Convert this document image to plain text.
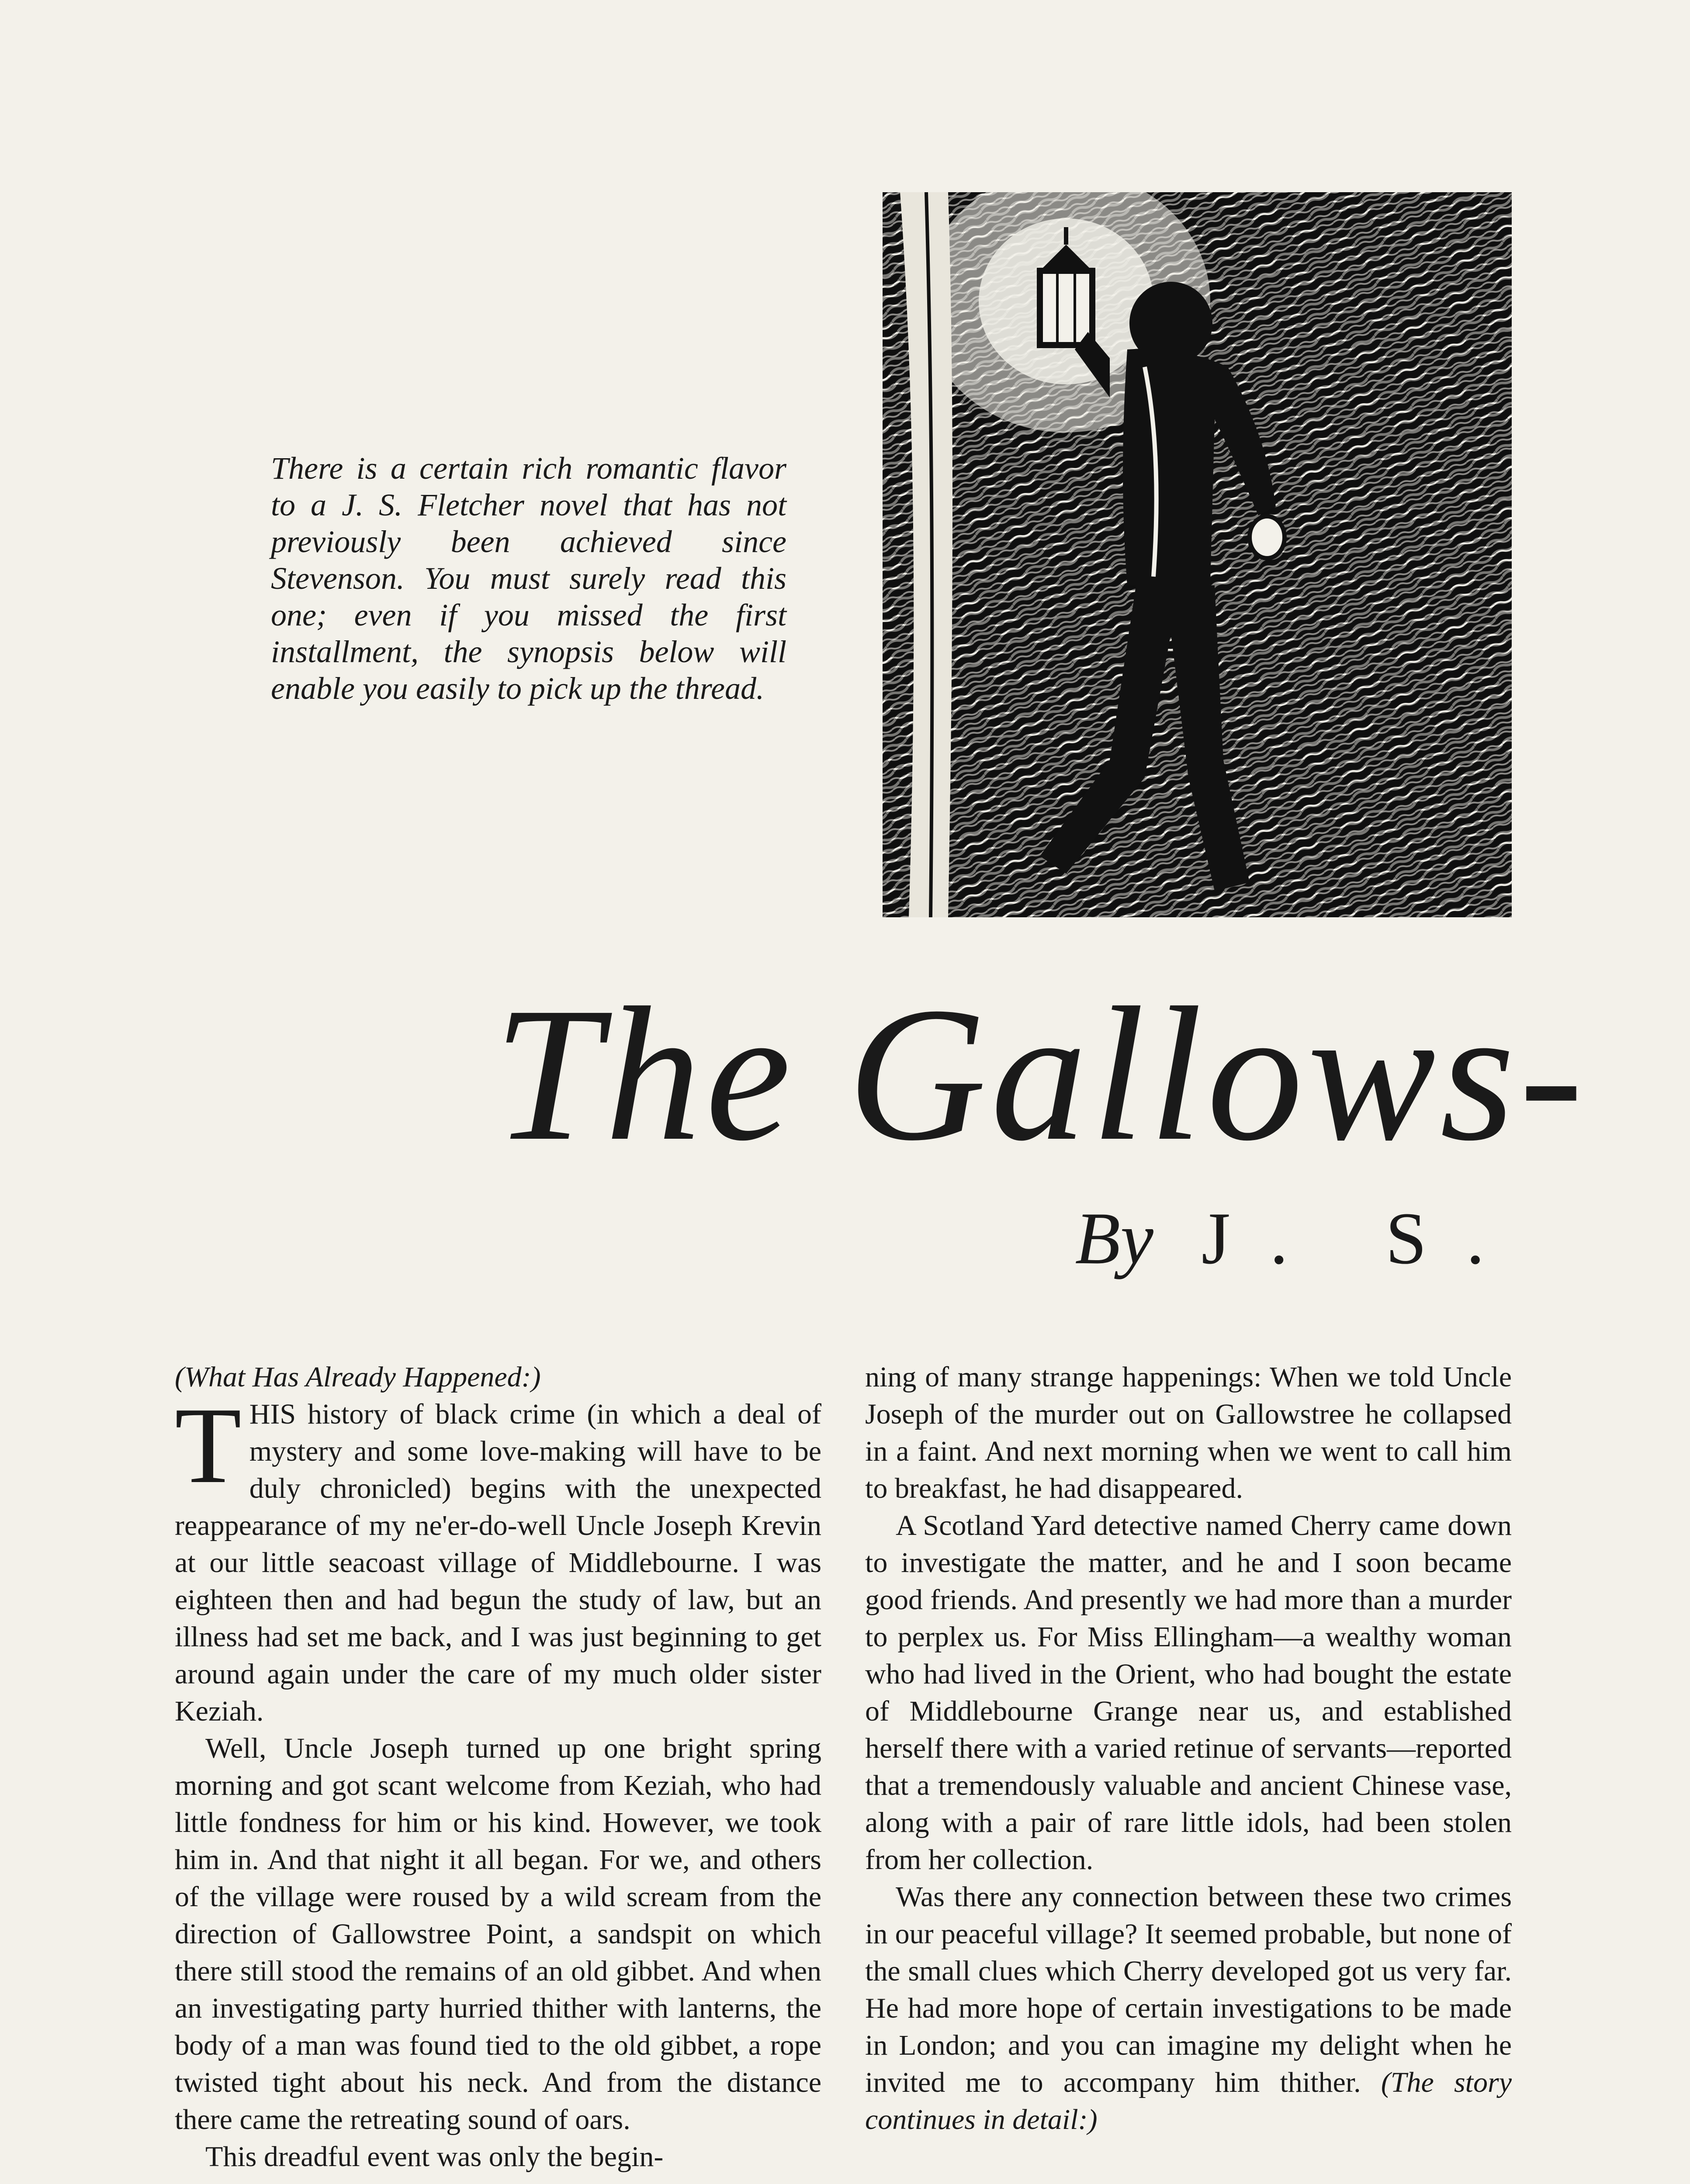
There is a certain rich romantic flavor to a J. S. Fletcher novel that has not previously been achieved since Stevenson. You must surely read this one; even if you missed the first installment, the synopsis below will enable you easily to pick up the thread.
The Gallows-
By J. S.
(What Has Already Happened:)

THIS history of black crime (in which a deal of mystery and some love-making will have to be duly chronicled) begins with the unexpected reappearance of my ne'er-do-well Uncle Joseph Krevin at our little seacoast village of Middlebourne. I was eighteen then and had begun the study of law, but an illness had set me back, and I was just beginning to get around again under the care of my much older sister Keziah.

Well, Uncle Joseph turned up one bright spring morning and got scant welcome from Keziah, who had little fondness for him or his kind. However, we took him in. And that night it all began. For we, and others of the village were roused by a wild scream from the direction of Gallowstree Point, a sandspit on which there still stood the remains of an old gibbet. And when an investigating party hurried thither with lanterns, the body of a man was found tied to the old gibbet, a rope twisted tight about his neck. And from the distance there came the retreating sound of oars.

This dreadful event was only the begin-

ning of many strange happenings: When we told Uncle Joseph of the murder out on Gallowstree he collapsed in a faint. And next morning when we went to call him to breakfast, he had disappeared.

A Scotland Yard detective named Cherry came down to investigate the matter, and he and I soon became good friends. And presently we had more than a murder to perplex us. For Miss Ellingham—a wealthy woman who had lived in the Orient, who had bought the estate of Middlebourne Grange near us, and established herself there with a varied retinue of servants—reported that a tremendously valuable and ancient Chinese vase, along with a pair of rare little idols, had been stolen from her collection.

Was there any connection between these two crimes in our peaceful village? It seemed probable, but none of the small clues which Cherry developed got us very far. He had more hope of certain investigations to be made in London; and you can imagine my delight when he invited me to accompany him thither. (The story continues in detail:)
